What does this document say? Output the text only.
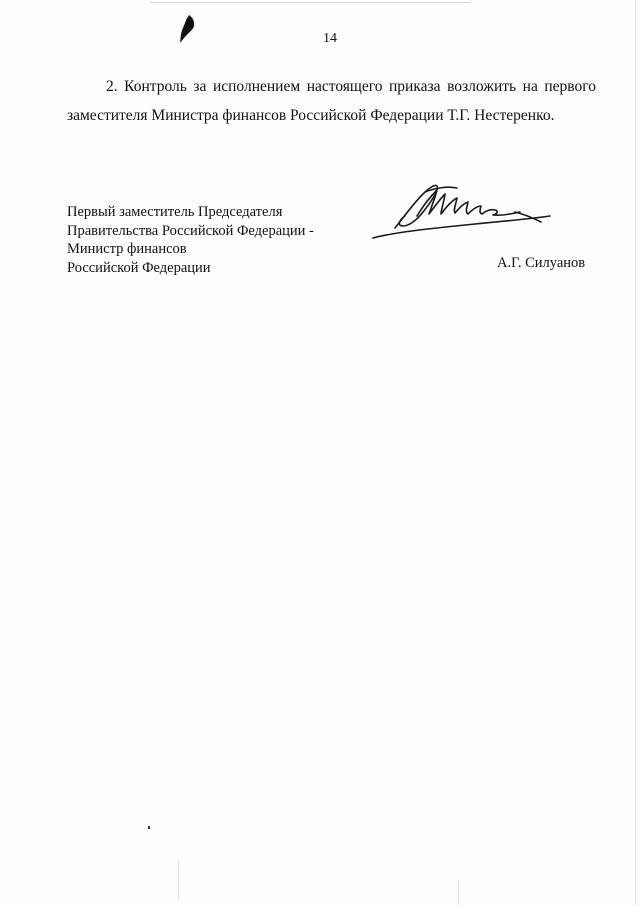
14
2. Контроль за исполнением настоящего приказа возложить на первого
заместителя Министра финансов Российской Федерации Т.Г. Нестеренко.
Первый заместитель Председателя
Правительства Российской Федерации -
Министр финансов
Российской Федерации	А.Г. Силуанов
